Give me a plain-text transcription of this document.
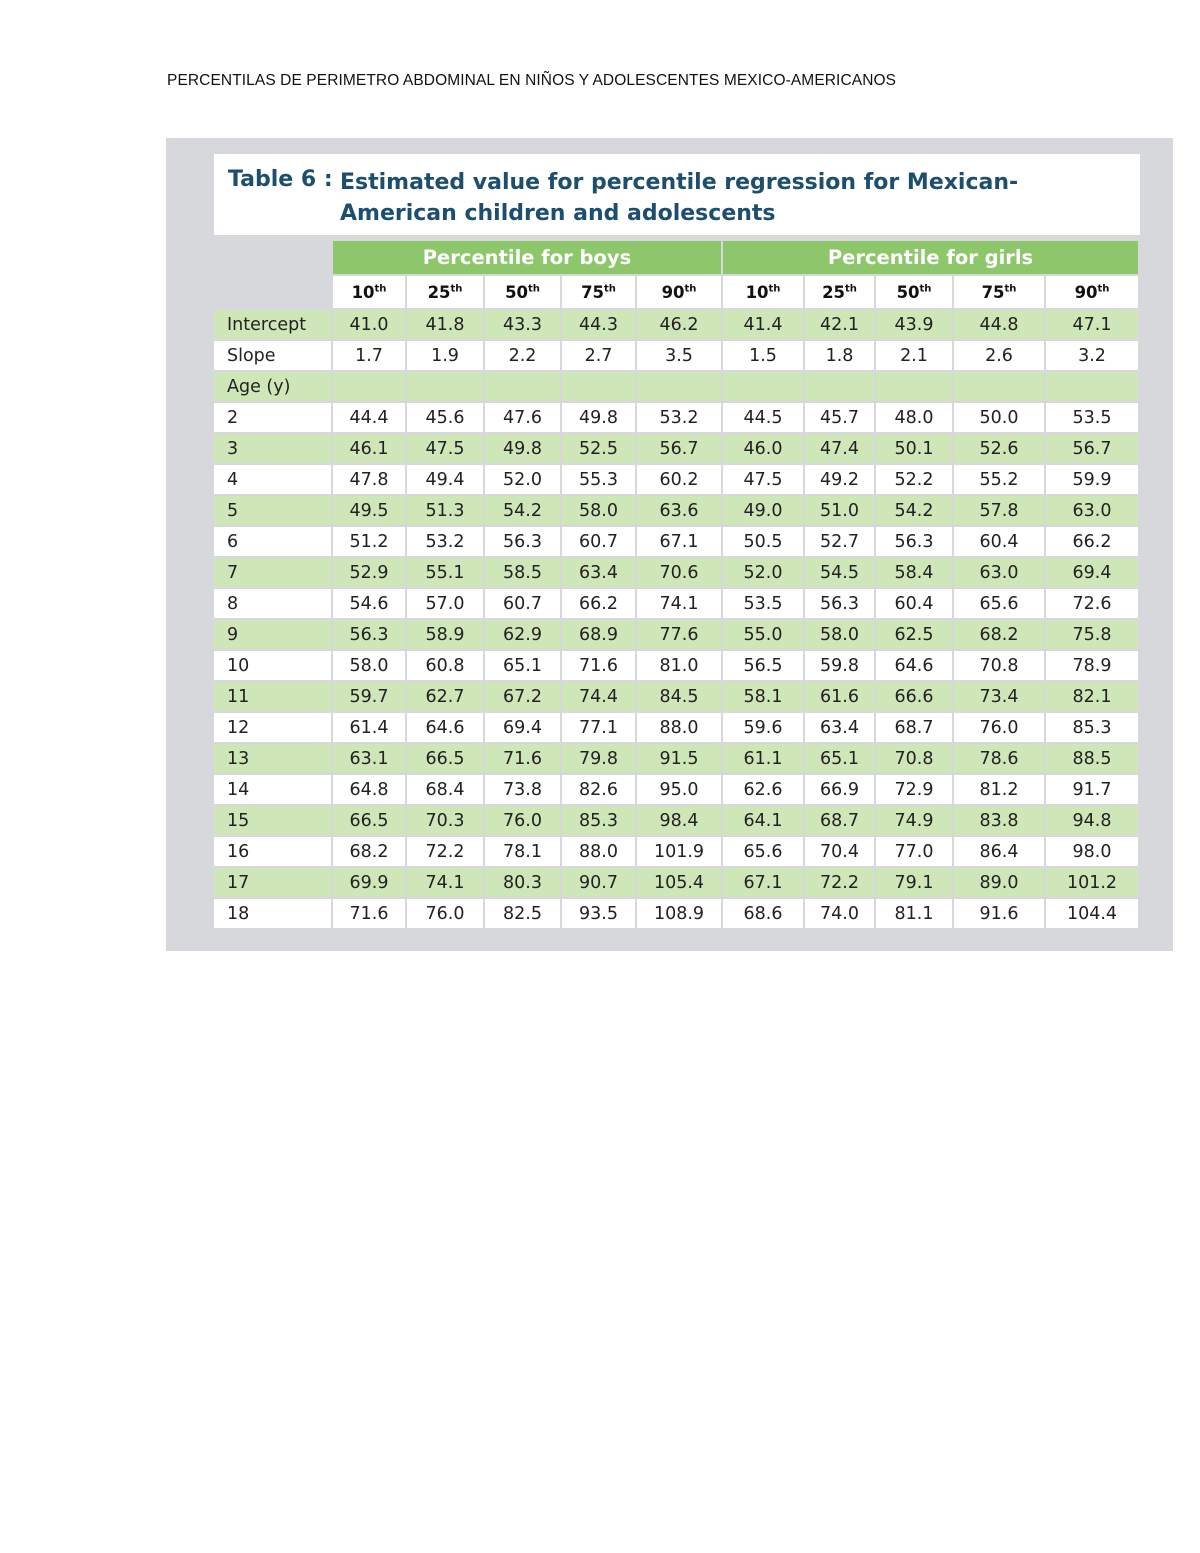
PERCENTILAS DE PERIMETRO ABDOMINAL EN NIÑOS Y ADOLESCENTES MEXICO-AMERICANOS
Table 6 : Estimated value for percentile regression for Mexican-
American children and adolescents
	Percentile for boys					Percentile for girls				
	10th	25th	50th	75th	90th	10th	25th	50th	75th	90th
Intercept	41.0	41.8	43.3	44.3	46.2	41.4	42.1	43.9	44.8	47.1
Slope	1.7	1.9	2.2	2.7	3.5	1.5	1.8	2.1	2.6	3.2
Age (y)										
2	44.4	45.6	47.6	49.8	53.2	44.5	45.7	48.0	50.0	53.5
3	46.1	47.5	49.8	52.5	56.7	46.0	47.4	50.1	52.6	56.7
4	47.8	49.4	52.0	55.3	60.2	47.5	49.2	52.2	55.2	59.9
5	49.5	51.3	54.2	58.0	63.6	49.0	51.0	54.2	57.8	63.0
6	51.2	53.2	56.3	60.7	67.1	50.5	52.7	56.3	60.4	66.2
7	52.9	55.1	58.5	63.4	70.6	52.0	54.5	58.4	63.0	69.4
8	54.6	57.0	60.7	66.2	74.1	53.5	56.3	60.4	65.6	72.6
9	56.3	58.9	62.9	68.9	77.6	55.0	58.0	62.5	68.2	75.8
10	58.0	60.8	65.1	71.6	81.0	56.5	59.8	64.6	70.8	78.9
11	59.7	62.7	67.2	74.4	84.5	58.1	61.6	66.6	73.4	82.1
12	61.4	64.6	69.4	77.1	88.0	59.6	63.4	68.7	76.0	85.3
13	63.1	66.5	71.6	79.8	91.5	61.1	65.1	70.8	78.6	88.5
14	64.8	68.4	73.8	82.6	95.0	62.6	66.9	72.9	81.2	91.7
15	66.5	70.3	76.0	85.3	98.4	64.1	68.7	74.9	83.8	94.8
16	68.2	72.2	78.1	88.0	101.9	65.6	70.4	77.0	86.4	98.0
17	69.9	74.1	80.3	90.7	105.4	67.1	72.2	79.1	89.0	101.2
18	71.6	76.0	82.5	93.5	108.9	68.6	74.0	81.1	91.6	104.4
